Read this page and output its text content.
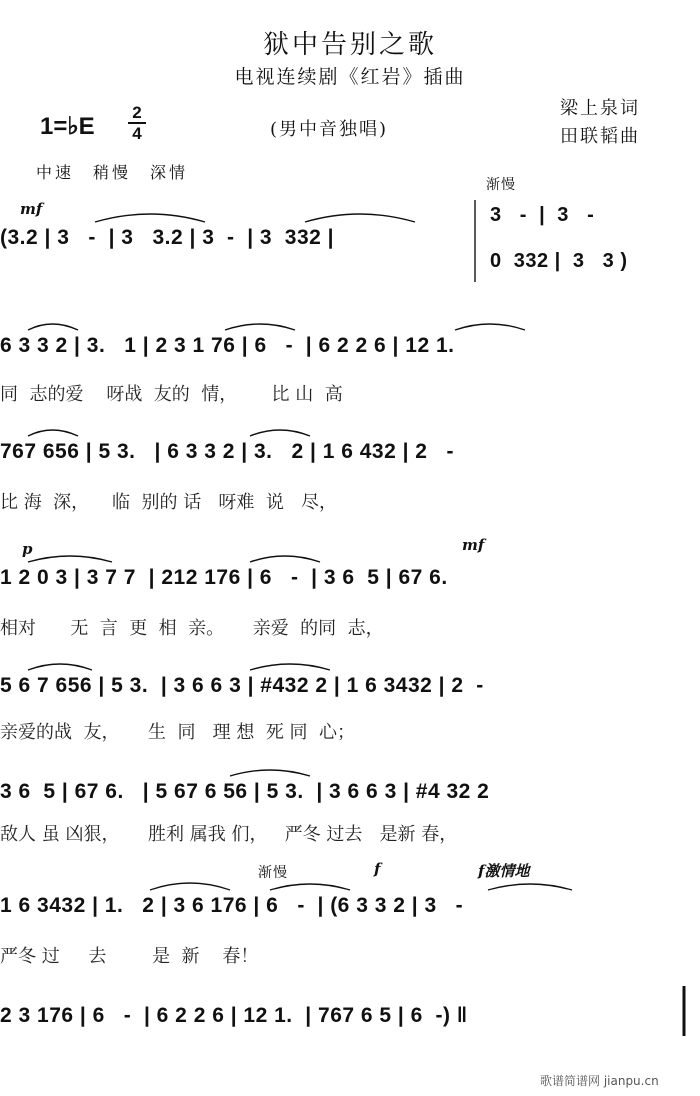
狱中告别之歌
电视连续剧《红岩》插曲
1=♭E
2
4	(男中音独唱)
梁上泉词
田联韬曲
中速　稍慢　深情
mf
渐慢
p	mf
渐慢	f	f激情地
(3.2 | 3   -  | 3   3.2 | 3  -  | 3  332 |
3   -  |  3   -
0  332 |  3   3 )
6 3 3 2 | 3.   1 | 2 3 1 76 | 6   -  | 6 2 2 6 | 12 1.
同  志的爱    呀战  友的  情，      比 山  高
767 656 | 5 3.   | 6 3 3 2 | 3.   2 | 1 6 432 | 2   -
比 海  深，    临  别的 话   呀难  说   尽，
1 2 0 3 | 3 7 7  | 212 176 | 6   -  | 3 6  5 | 67 6.
相对      无  言  更  相  亲。     亲爱  的同  志，
5 6 7 656 | 5 3.  | 3 6 6 3 | #432 2 | 1 6 3432 | 2  -
亲爱的战  友，     生  同   理 想  死 同  心；
3 6  5 | 67 6.   | 5 67 6 56 | 5 3.  | 3 6 6 3 | #4 32 2
敌人 虽 凶狠，     胜利 属我 们，   严冬 过去   是新 春，
1 6 3432 | 1.   2 | 3 6 176 | 6   -  | (6 3 3 2 | 3   -
严冬 过     去        是  新    春！
2 3 176 | 6   -  | 6 2 2 6 | 12 1.  | 767 6 5 | 6  -) ‖
歌谱简谱网 jianpu.cn
